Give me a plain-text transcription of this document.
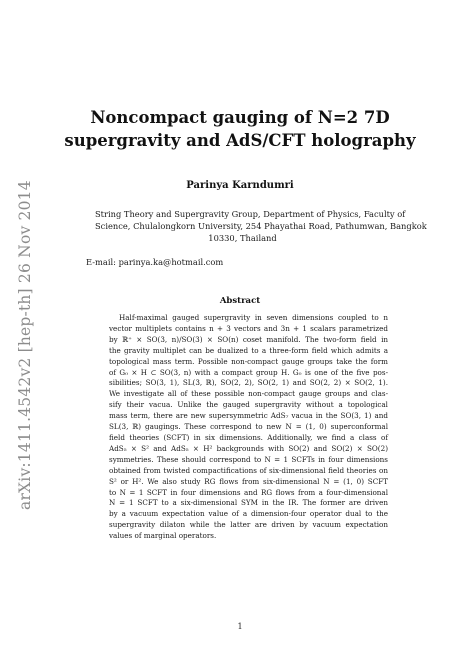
arXiv:1411.4542v2 [hep-th] 26 Nov 2014
Noncompact gauging of N=2 7D
supergravity and AdS/CFT holography
Parinya Karndumri
String Theory and Supergravity Group, Department of Physics, Faculty of
Science, Chulalongkorn University, 254 Phayathai Road, Pathumwan, Bangkok
10330, Thailand
E-mail: parinya.ka@hotmail.com
Abstract
Half-maximal gauged supergravity in seven dimensions coupled to n
vector multiplets contains n + 3 vectors and 3n + 1 scalars parametrized
by ℝ⁺ × SO(3, n)/SO(3) × SO(n) coset manifold. The two-form field in
the gravity multiplet can be dualized to a three-form field which admits a
topological mass term. Possible non-compact gauge groups take the form
of G₀ × H ⊂ SO(3, n) with a compact group H. G₀ is one of the five pos-
sibilities; SO(3, 1), SL(3, ℝ), SO(2, 2), SO(2, 1) and SO(2, 2) × SO(2, 1).
We investigate all of these possible non-compact gauge groups and clas-
sify their vacua. Unlike the gauged supergravity without a topological
mass term, there are new supersymmetric AdS₇ vacua in the SO(3, 1) and
SL(3, ℝ) gaugings. These correspond to new N = (1, 0) superconformal
field theories (SCFT) in six dimensions. Additionally, we find a class of
AdS₅ × S² and AdS₅ × H² backgrounds with SO(2) and SO(2) × SO(2)
symmetries. These should correspond to N = 1 SCFTs in four dimensions
obtained from twisted compactifications of six-dimensional field theories on
S² or H². We also study RG flows from six-dimensional N = (1, 0) SCFT
to N = 1 SCFT in four dimensions and RG flows from a four-dimensional
N = 1 SCFT to a six-dimensional SYM in the IR. The former are driven
by a vacuum expectation value of a dimension-four operator dual to the
supergravity dilaton while the latter are driven by vacuum expectation
values of marginal operators.
1
